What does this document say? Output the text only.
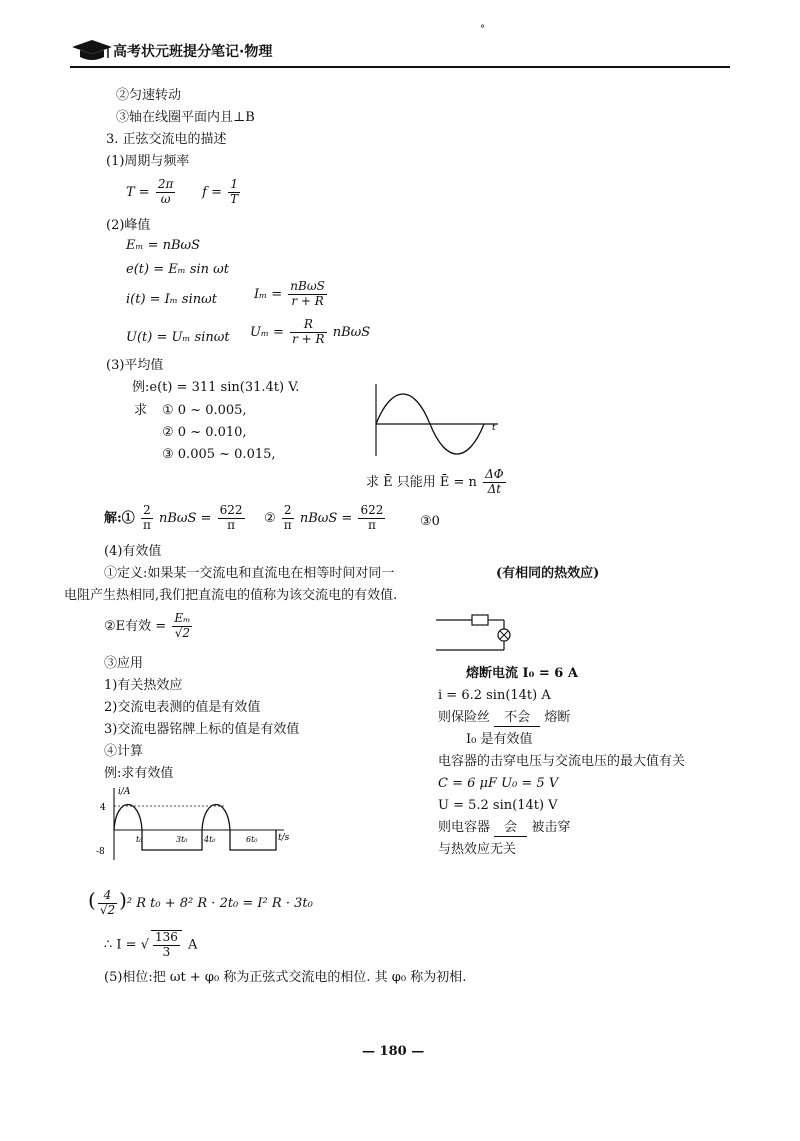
高考状元班提分笔记·物理
°
②匀速转动
③轴在线圈平面内且⊥B
3. 正弦交流电的描述
(1)周期与频率
$T = \frac{2\pi}{\omega}$ $f = \frac{1}{T}$
(2)峰值
Eₘ = nBωS
e(t) = Eₘ sin ωt
i(t) = Iₘ sinωt	$I_m = \frac{\text{nBωS}}{r + R}$
U(t) = Uₘ sinωt $U_m = \frac{R}{r + R}$ nBωS
(3)平均值
例:e(t) = 311 sin(31.4t) V.
求 ① 0 ~ 0.005,
② 0 ~ 0.010,
③ 0.005 ~ 0.015,
t
求 Ē 只能用 Ē = n $\frac{\Delta\Phi}{\Delta t}$
解:① $\frac{2}{\pi}$ $nB\omega S = \frac{622}{\pi}$ ② $\frac{2}{\pi}$ $nB\omega S = \frac{622}{\pi}$	③0
(4)有效值
①定义:如果某一交流电和直流电在相等时间对同一	(有相同的热效应)
电阻产生热相同,我们把直流电的值称为该交流电的有效值.
②E有效 = $\frac{\text{Eₘ}}{√2}$
③应用
1)有关热效应
2)交流电表测的值是有效值
3)交流电器铭牌上标的值是有效值
④计算
例:求有效值
熔断电流 I₀ = 6 A
i = 6.2 sin(14t) A
则保险丝 不会 熔断
I₀ 是有效值
电容器的击穿电压与交流电压的最大值有关
C = 6 μF U₀ = 5 V
U = 5.2 sin(14t) V
则电容器 会 被击穿
与热效应无关
i/A
t/s
4
-8
t₀	3t₀ 4t₀	6t₀
( $\frac{4}{√2} )^2$ R t₀ + 8² R · 2t₀ = I² R · 3t₀
∴ I = √ $\frac{136}{3}$ A
(5)相位:把 ωt + φ₀ 称为正弦式交流电的相位. 其 φ₀ 称为初相.
— 180 —
